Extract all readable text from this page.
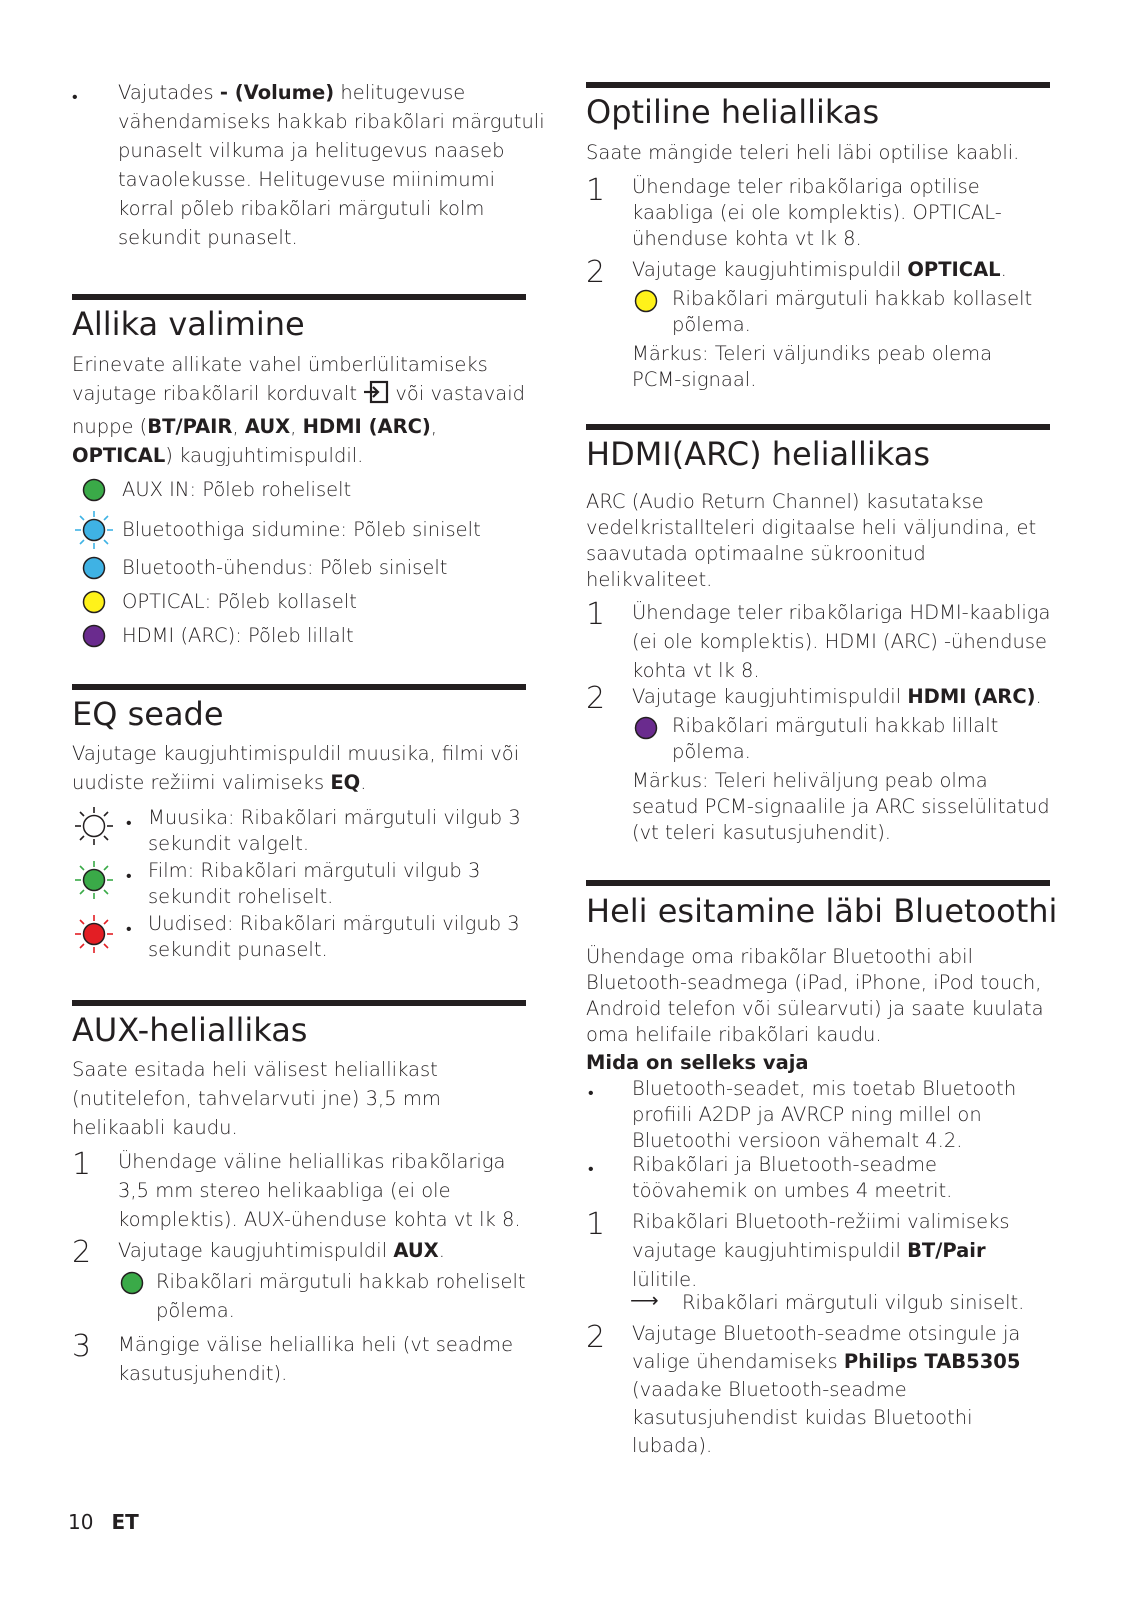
• Vajutades - (Volume) helitugevuse vähendamiseks hakkab ribakõlari märgutuli punaselt vilkuma ja helitugevus naaseb tavaolekusse. Helitugevuse miinimumi korral põleb ribakõlari märgutuli kolm sekundit punaselt.

Allika valimine

Erinevate allikate vahel ümberlülitamiseks vajutage ribakõlaril korduvalt või vastavaid nuppe (BT/PAIR, AUX, HDMI (ARC), OPTICAL) kaugjuhtimispuldil.

AUX IN: Põleb roheliselt
Bluetoothiga sidumine: Põleb siniselt
Bluetooth-ühendus: Põleb siniselt
OPTICAL: Põleb kollaselt
HDMI (ARC): Põleb lillalt
EQ seade

Vajutage kaugjuhtimispuldil muusika, filmi või uudiste režiimi valimiseks EQ.

• Muusika: Ribakõlari märgutuli vilgub 3 sekundit valgelt.

• Film: Ribakõlari märgutuli vilgub 3 sekundit roheliselt.

• Uudised: Ribakõlari märgutuli vilgub 3 sekundit punaselt.

AUX-heliallikas

Saate esitada heli välisest heliallikast (nutitelefon, tahvelarvuti jne) 3,5 mm helikaabli kaudu.

1 Ühendage väline heliallikas ribakõlariga 3,5 mm stereo helikaabliga (ei ole komplektis). AUX-ühenduse kohta vt lk 8.

2 Vajutage kaugjuhtimispuldil AUX.

Ribakõlari märgutuli hakkab roheliselt põlema.

3 Mängige välise heliallika heli (vt seadme kasutusjuhendit).

Optiline heliallikas

Saate mängide teleri heli läbi optilise kaabli.

1 Ühendage teler ribakõlariga optilise kaabliga (ei ole komplektis). OPTICAL-ühenduse kohta vt lk 8.

2 Vajutage kaugjuhtimispuldil OPTICAL.

Ribakõlari märgutuli hakkab kollaselt põlema.

Märkus: Teleri väljundiks peab olema PCM-signaal.

HDMI(ARC) heliallikas

ARC (Audio Return Channel) kasutatakse vedelkristallteleri digitaalse heli väljundina, et saavutada optimaalne sükroonitud helikvaliteet.

1 Ühendage teler ribakõlariga HDMI-kaabliga (ei ole komplektis). HDMI (ARC) -ühenduse kohta vt lk 8.

2 Vajutage kaugjuhtimispuldil HDMI (ARC).

Ribakõlari märgutuli hakkab lillalt põlema.

Märkus: Teleri heliväljung peab olma seatud PCM-signaalile ja ARC sisselülitatud (vt teleri kasutusjuhendit).

Heli esitamine läbi Bluetoothi

Ühendage oma ribakõlar Bluetoothi abil Bluetooth-seadmega (iPad, iPhone, iPod touch, Android telefon või sülearvuti) ja saate kuulata oma helifaile ribakõlari kaudu.

Mida on selleks vaja

• Bluetooth-seadet, mis toetab Bluetooth profiili A2DP ja AVRCP ning millel on Bluetoothi versioon vähemalt 4.2.

• Ribakõlari ja Bluetooth-seadme töövahemik on umbes 4 meetrit.

1 Ribakõlari Bluetooth-režiimi valimiseks vajutage kaugjuhtimispuldil BT/Pair lülitile.

⟶ Ribakõlari märgutuli vilgub siniselt.

2 Vajutage Bluetooth-seadme otsingule ja valige ühendamiseks Philips TAB5305 (vaadake Bluetooth-seadme kasutusjuhendist kuidas Bluetoothi lubada).

10 ET
